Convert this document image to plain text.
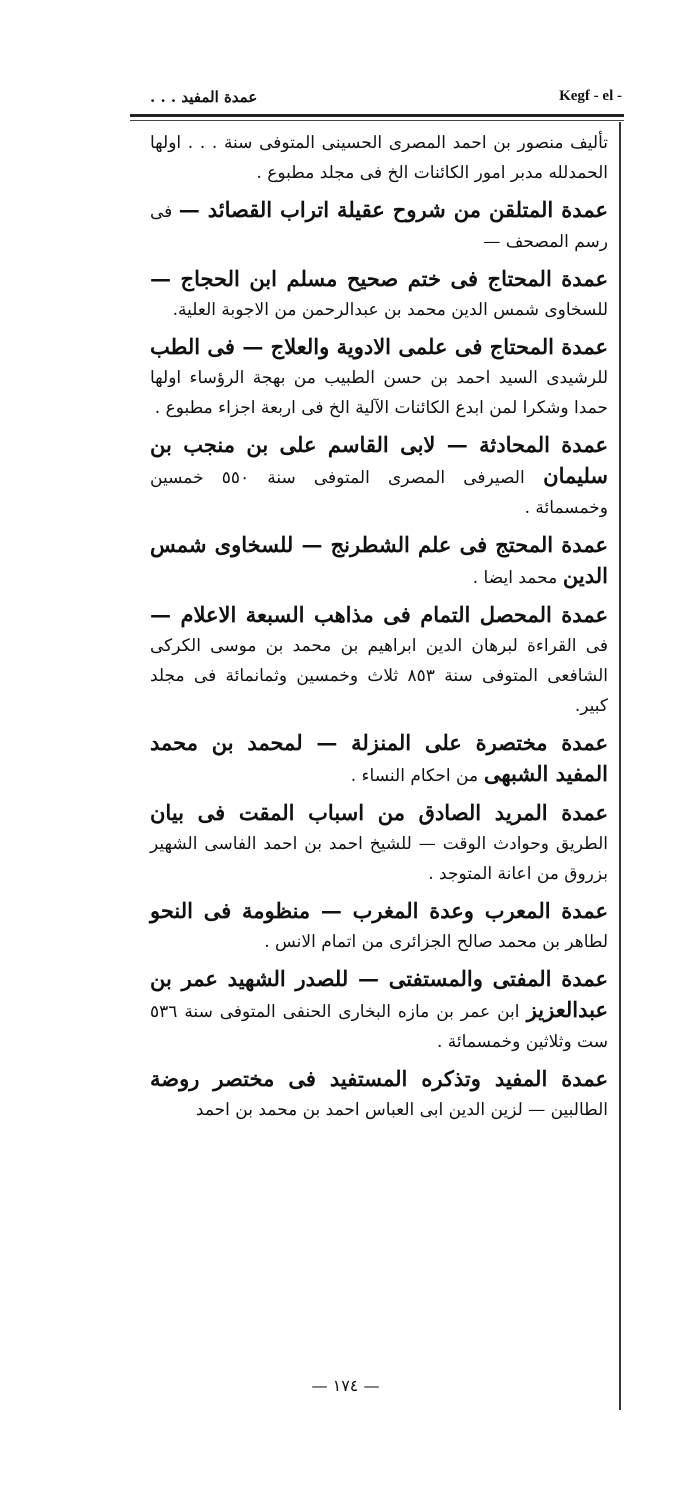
عمدة المفيد . . .	Kegf - el -

تأليف منصور بن احمد المصرى الحسينى المتوفى سنة . . . اولها الحمدلله مدبر امور الكائنات الخ فى مجلد مطبوع .

عمدة المتلقن من شروح عقيلة اتراب القصائد — فى رسم المصحف —

عمدة المحتاج فى ختم صحيح مسلم ابن الحجاج — للسخاوى شمس الدين محمد بن عبدالرحمن من الاجوبة العلية.

عمدة المحتاج فى علمى الادوية والعلاج — فى الطب للرشيدى السيد احمد بن حسن الطبيب من بهجة الرؤساء اولها حمدا وشكرا لمن ابدع الكائنات الآلية الخ فى اربعة اجزاء مطبوع .

عمدة المحادثة — لابى القاسم على بن منجب بن سليمان الصيرفى المصرى المتوفى سنة ٥٥٠ خمسين وخمسمائة .

عمدة المحتج فى علم الشطرنج — للسخاوى شمس الدين محمد ايضا .

عمدة المحصل التمام فى مذاهب السبعة الاعلام — فى القراءة لبرهان الدين ابراهيم بن محمد بن موسى الكركى الشافعى المتوفى سنة ٨٥٣ ثلاث وخمسين وثمانمائة فى مجلد كبير.

عمدة مختصرة على المنزلة — لمحمد بن محمد المفيد الشبهى من احكام النساء .

عمدة المريد الصادق من اسباب المقت فى بيان الطريق وحوادث الوقت — للشيخ احمد بن احمد الفاسى الشهير بزروق من اعانة المتوجد .

عمدة المعرب وعدة المغرب — منظومة فى النحو لطاهر بن محمد صالح الجزائرى من اتمام الانس .

عمدة المفتى والمستفتى — للصدر الشهيد عمر بن عبدالعزيز ابن عمر بن مازه البخارى الحنفى المتوفى سنة ٥٣٦ ست وثلاثين وخمسمائة .

عمدة المفيد وتذكره المستفيد فى مختصر روضة الطالبين — لزين الدين ابى العباس احمد بن محمد بن احمد

— ١٧٤ —
